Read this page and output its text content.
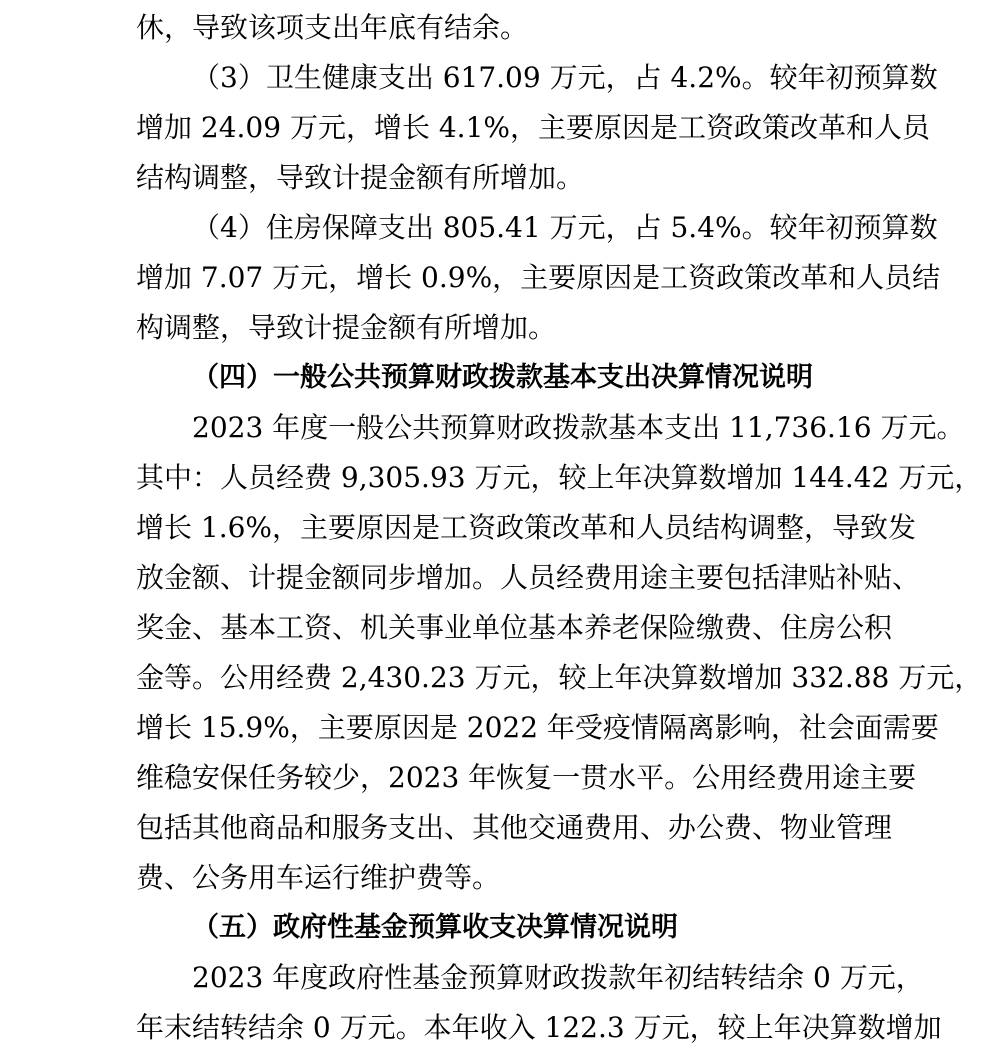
休，导致该项支出年底有结余。
（3）卫生健康支出 617.09 万元，占 4.2%。较年初预算数
增加 24.09 万元，增长 4.1%，主要原因是工资政策改革和人员
结构调整，导致计提金额有所增加。
（4）住房保障支出 805.41 万元，占 5.4%。较年初预算数
增加 7.07 万元，增长 0.9%，主要原因是工资政策改革和人员结
构调整，导致计提金额有所增加。
（四）一般公共预算财政拨款基本支出决算情况说明
2023 年度一般公共预算财政拨款基本支出 11,736.16 万元。
其中：人员经费 9,305.93 万元，较上年决算数增加 144.42 万元，
增长 1.6%，主要原因是工资政策改革和人员结构调整，导致发
放金额、计提金额同步增加。人员经费用途主要包括津贴补贴、
奖金、基本工资、机关事业单位基本养老保险缴费、住房公积
金等。公用经费 2,430.23 万元，较上年决算数增加 332.88 万元，
增长 15.9%，主要原因是 2022 年受疫情隔离影响，社会面需要
维稳安保任务较少，2023 年恢复一贯水平。公用经费用途主要
包括其他商品和服务支出、其他交通费用、办公费、物业管理
费、公务用车运行维护费等。
（五）政府性基金预算收支决算情况说明
2023 年度政府性基金预算财政拨款年初结转结余 0 万元，
年末结转结余 0 万元。本年收入 122.3 万元，较上年决算数增加
